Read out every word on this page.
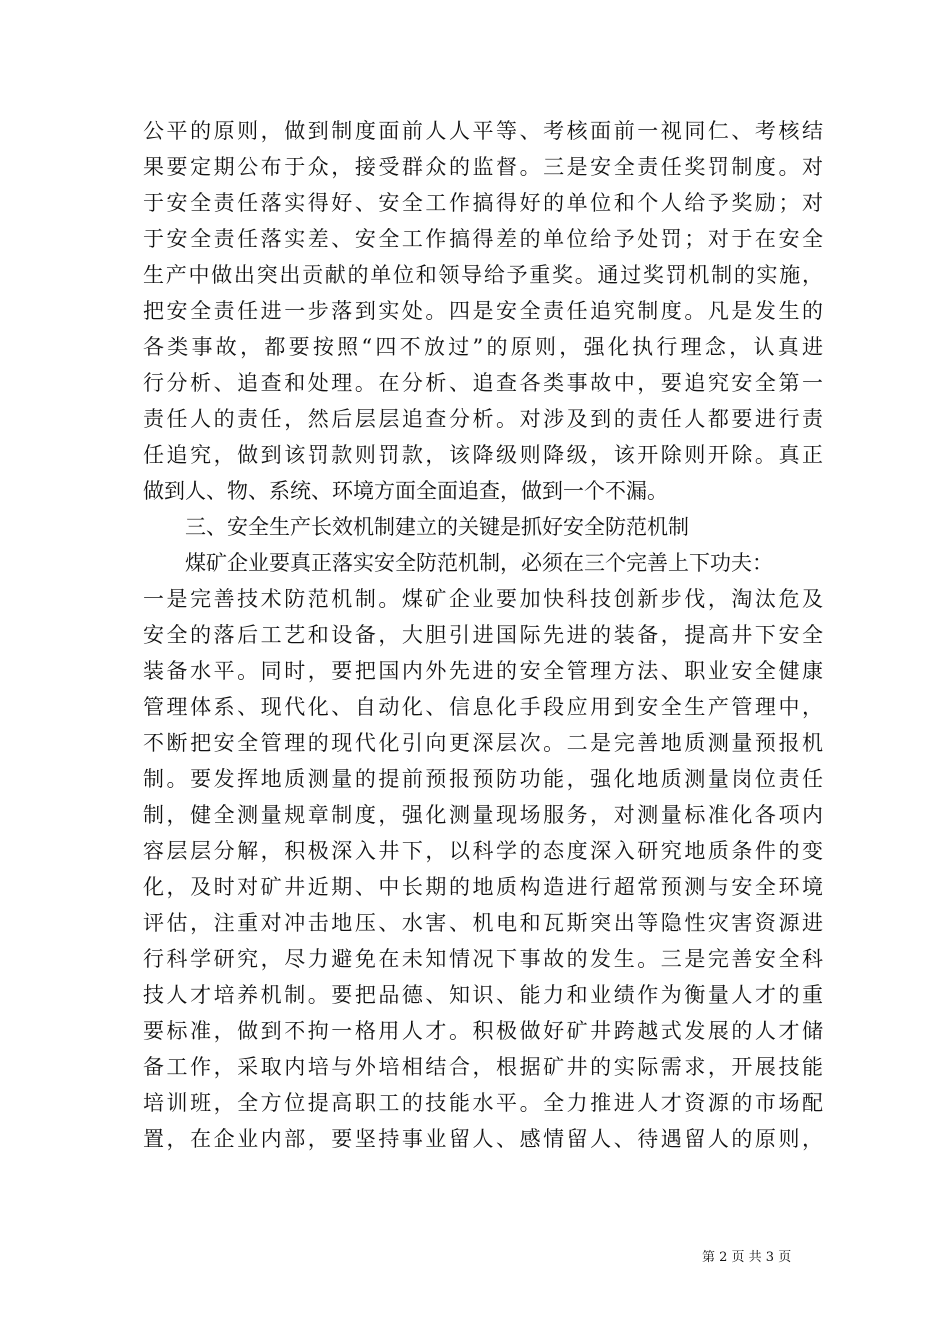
公平的原则，做到制度面前人人平等、考核面前一视同仁、考核结
果要定期公布于众，接受群众的监督。三是安全责任奖罚制度。对
于安全责任落实得好、安全工作搞得好的单位和个人给予奖励；对
于安全责任落实差、安全工作搞得差的单位给予处罚；对于在安全
生产中做出突出贡献的单位和领导给予重奖。通过奖罚机制的实施，
把安全责任进一步落到实处。四是安全责任追究制度。凡是发生的
各类事故，都要按照“四不放过”的原则，强化执行理念，认真进
行分析、追查和处理。在分析、追查各类事故中，要追究安全第一
责任人的责任，然后层层追查分析。对涉及到的责任人都要进行责
任追究，做到该罚款则罚款，该降级则降级，该开除则开除。真正
做到人、物、系统、环境方面全面追查，做到一个不漏。
三、安全生产长效机制建立的关键是抓好安全防范机制
煤矿企业要真正落实安全防范机制，必须在三个完善上下功夫：
一是完善技术防范机制。煤矿企业要加快科技创新步伐，淘汰危及
安全的落后工艺和设备，大胆引进国际先进的装备，提高井下安全
装备水平。同时，要把国内外先进的安全管理方法、职业安全健康
管理体系、现代化、自动化、信息化手段应用到安全生产管理中，
不断把安全管理的现代化引向更深层次。二是完善地质测量预报机
制。要发挥地质测量的提前预报预防功能，强化地质测量岗位责任
制，健全测量规章制度，强化测量现场服务，对测量标准化各项内
容层层分解，积极深入井下，以科学的态度深入研究地质条件的变
化，及时对矿井近期、中长期的地质构造进行超常预测与安全环境
评估，注重对冲击地压、水害、机电和瓦斯突出等隐性灾害资源进
行科学研究，尽力避免在未知情况下事故的发生。三是完善安全科
技人才培养机制。要把品德、知识、能力和业绩作为衡量人才的重
要标准，做到不拘一格用人才。积极做好矿井跨越式发展的人才储
备工作，采取内培与外培相结合，根据矿井的实际需求，开展技能
培训班，全方位提高职工的技能水平。全力推进人才资源的市场配
置，在企业内部，要坚持事业留人、感情留人、待遇留人的原则，
第 2 页 共 3 页
